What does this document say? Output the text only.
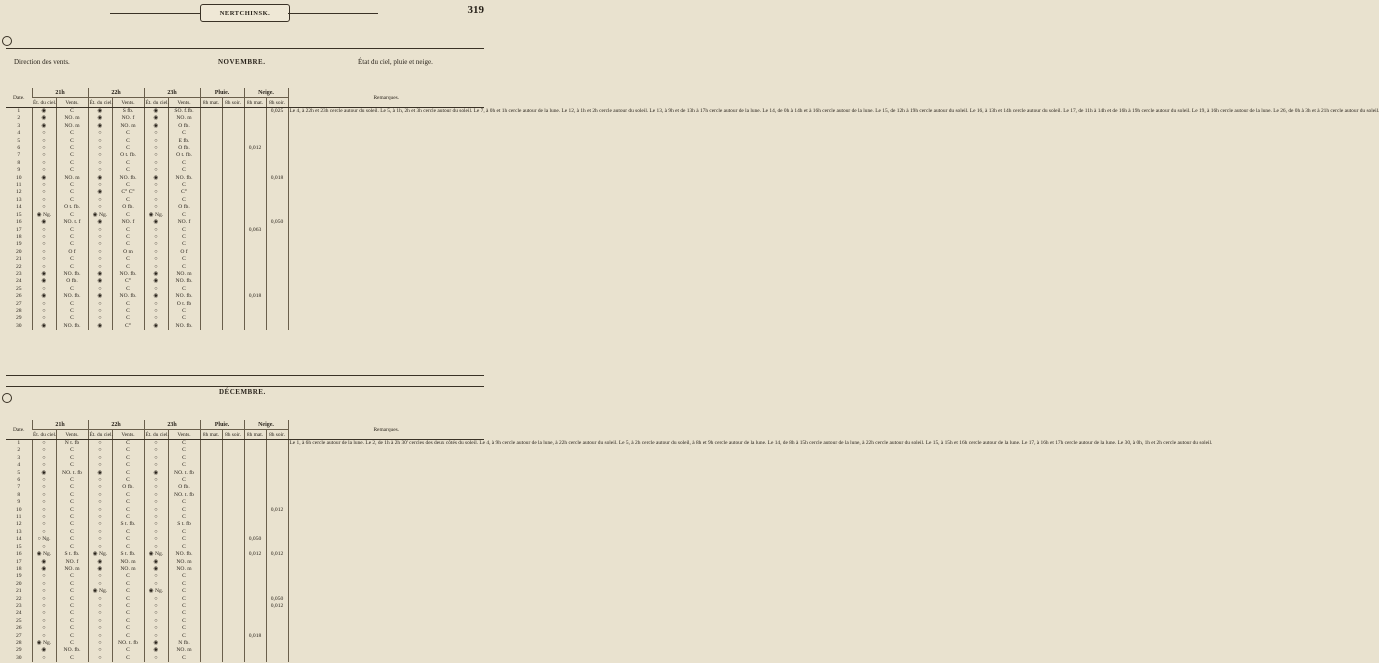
NERTCHINSK.	319
Direction des vents.	NOVEMBRE.	État du ciel, pluie et neige.
Date.	21h		22h		23h		Pluie.		Neige.		Remarques.
	Ét. du ciel.	Vents.	Ét. du ciel.	Vents.	Ét. du ciel.	Vents.	8h mat.	8h soir.	8h mat.	8h soir.	
1	◉	C	◉	S fb.	◉	SO. f.fb.				0,025	Le 4, à 22h et 23h cercle autour du soleil. Le 5, à 1h, 2h et 3h cercle autour du soleil. Le 7, à 0h et 1h cercle autour de la lune. Le 12, à 1h et 2h cercle autour du soleil. Le 13, à 9h et de 13h à 17h cercle autour de la lune. Le 14, de 0h à 14h et à 16h cercle autour de la lune. Le 15, de 12h à 19h cercle autour du soleil. Le 16, à 13h et 14h cercle autour du soleil. Le 17, de 11h à 14h et de 16h à 19h cercle autour du soleil. Le 19, à 16h cercle autour de la lune. Le 26, de 0h à 3h et à 21h cercle autour du soleil.
2	◉	NO. m	◉	NO. f	◉	NO. m					
3	◉	NO. m	◉	NO. m	◉	O fb.					
4	○	C	○	C	○	C					
5	○	C	○	C	○	E fb.					
6	○	C	○	C	○	O fb.			0,012		
7	○	C	○	O t. fb.	○	O t. fb.					
8	○	C	○	C	○	C					
9	○	C	○	C	○	C					
10	◉	NO. m	◉	NO. fb.	◉	NO. fb.				0,018	
11	○	C	○	C	○	C					
12	○	C	◉	C° C°	○	C°					
13	○	C	○	C	○	C					
14	○	O t. fb.	○	O fb.	○	O fb.					
15	◉ Ng.	C	◉ Ng.	C	◉ Ng.	C					
16	◉	NO. t. f	◉	NO. f	◉	NO. f				0,050	
17	○	C	○	C	○	C			0,063		
18	○	C	○	C	○	C					
19	○	C	○	C	○	C					
20	○	O f	○	O m	○	O f					
21	○	C	○	C	○	C					
22	○	C	○	C	○	C					
23	◉	NO. fb.	◉	NO. fb.	◉	NO. m					
24	◉	O fb.	◉	C°	◉	NO. fb.					
25	○	C	○	C	○	C					
26	◉	NO. fb.	◉	NO. fb.	◉	NO. fb.			0,018		
27	○	C	○	C	○	O t. fb					
28	○	C	○	C	○	C					
29	○	C	○	C	○	C					
30	◉	NO. fb.	◉	C°	◉	NO. fb.					
DÉCEMBRE.
Date.	21h		22h		23h		Pluie.		Neige.		Remarques.
	Ét. du ciel.	Vents.	Ét. du ciel.	Vents.	Ét. du ciel.	Vents.	8h mat.	8h soir.	8h mat.	8h soir.	
1	○	N t. fb	○	C	○	C					Le 1, à 6h cercle autour de la lune. Le 2, de 1h à 2h 30' cercles des deux côtés du soleil. Le 4, à 9h cercle autour de la lune, à 22h cercle autour du soleil. Le 5, à 2h cercle autour du soleil, à 8h et 9h cercle autour de la lune. Le 14, de 8h à 15h cercle autour de la lune, à 22h cercle autour du soleil. Le 15, à 15h et 16h cercle autour de la lune. Le 17, à 16h et 17h cercle autour de la lune. Le 30, à 0h, 1h et 2h cercle autour du soleil.
2	○	C	○	C	○	C					
3	○	C	○	C	○	C					
4	○	C	○	C	○	C					
5	◉	NO. t. fb	◉	C	◉	NO. t. fb					
6	○	C	○	C	○	C					
7	○	C	○	O fb.	○	O fb.					
8	○	C	○	C	○	NO. t. fb					
9	○	C	○	C	○	C					
10	○	C	○	C	○	C				0,012	
11	○	C	○	C	○	C					
12	○	C	○	S t. fb.	○	S t. fb					
13	○	C	○	C	○	C					
14	○ Ng.	C	○	C	○	C			0,050		
15	○	C	○	C	○	C					
16	◉ Ng.	S t. fb.	◉ Ng.	S t. fb.	◉ Ng.	NO. fb.			0,012	0,012	
17	◉	NO. f	◉	NO. m	◉	NO. m					
18	◉	NO. m	◉	NO. m	◉	NO. m					
19	○	C	○	C	○	C					
20	○	C	○	C	○	C					
21	○	C	◉ Ng.	C	◉ Ng.	C					
22	○	C	○	C	○	C				0,050	
23	○	C	○	C	○	C				0,012	
24	○	C	○	C	○	C					
25	○	C	○	C	○	C					
26	○	C	○	C	○	C					
27	○	C	○	C	○	C			0,018		
28	◉ Ng.	C	○	NO. t. fb	◉	N fb.					
29	◉	NO. fb.	○	C	◉	NO. m					
30	○	C	○	C	○	C					
